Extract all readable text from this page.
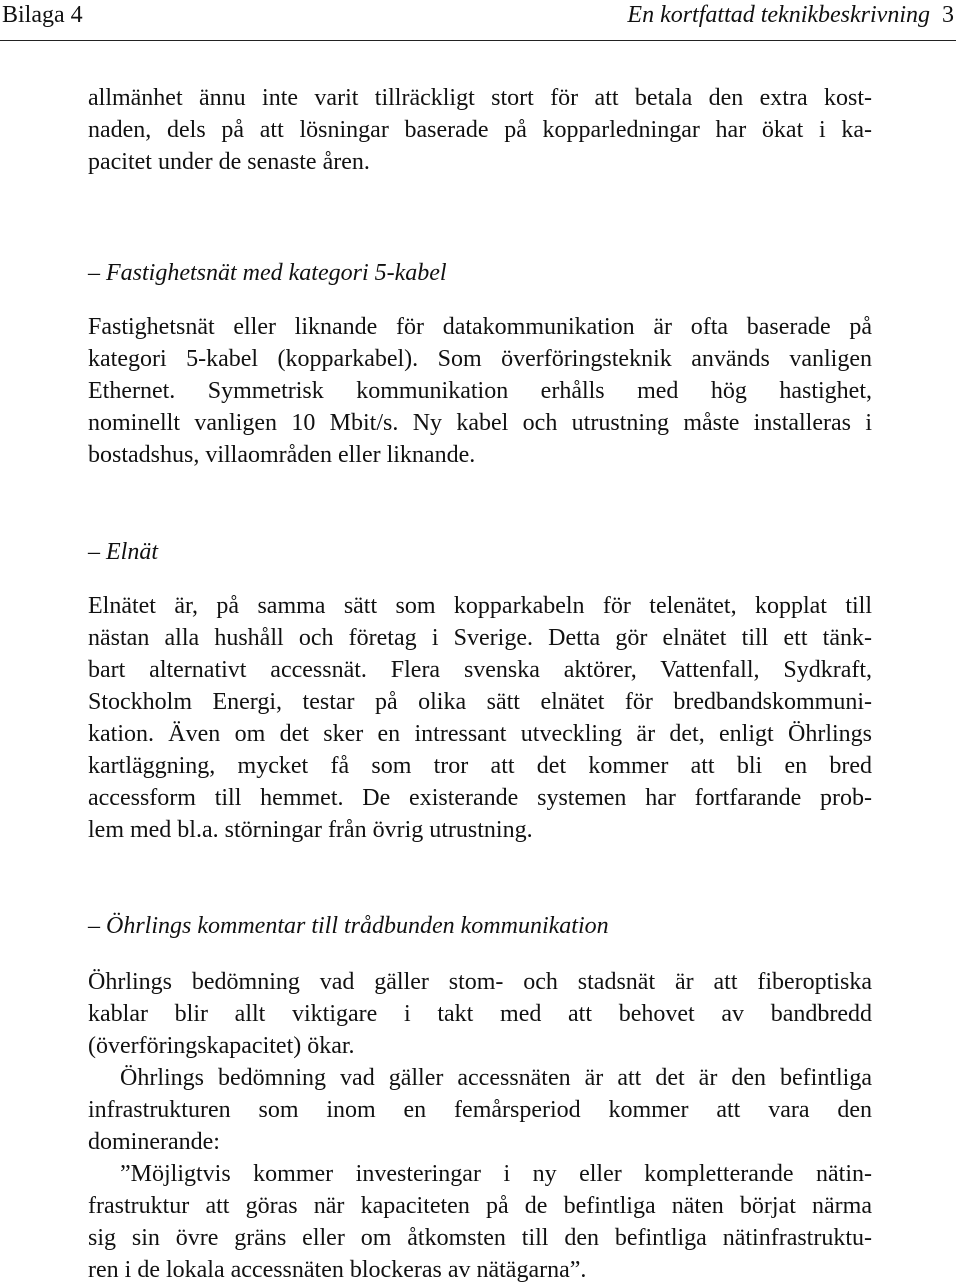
Bilaga 4	En kortfattad teknikbeskrivning 3

allmänhet ännu inte varit tillräckligt stort för att betala den extra kost-
naden, dels på att lösningar baserade på kopparledningar har ökat i ka-
pacitet under de senaste åren.

– Fastighetsnät med kategori 5-kabel

Fastighetsnät eller liknande för datakommunikation är ofta baserade på
kategori 5-kabel (kopparkabel). Som överföringsteknik används vanligen
Ethernet. Symmetrisk kommunikation erhålls med hög hastighet,
nominellt vanligen 10 Mbit/s. Ny kabel och utrustning måste installeras i
bostadshus, villaområden eller liknande.

– Elnät

Elnätet är, på samma sätt som kopparkabeln för telenätet, kopplat till
nästan alla hushåll och företag i Sverige. Detta gör elnätet till ett tänk-
bart alternativt accessnät. Flera svenska aktörer, Vattenfall, Sydkraft,
Stockholm Energi, testar på olika sätt elnätet för bredbandskommuni-
kation. Även om det sker en intressant utveckling är det, enligt Öhrlings
kartläggning, mycket få som tror att det kommer att bli en bred
accessform till hemmet. De existerande systemen har fortfarande prob-
lem med bl.a. störningar från övrig utrustning.

– Öhrlings kommentar till trådbunden kommunikation

Öhrlings bedömning vad gäller stom- och stadsnät är att fiberoptiska
kablar blir allt viktigare i takt med att behovet av bandbredd
(överföringskapacitet) ökar.

Öhrlings bedömning vad gäller accessnäten är att det är den befintliga
infrastrukturen som inom en femårsperiod kommer att vara den
dominerande:

”Möjligtvis kommer investeringar i ny eller kompletterande nätin-
frastruktur att göras när kapaciteten på de befintliga näten börjat närma
sig sin övre gräns eller om åtkomsten till den befintliga nätinfrastruktu-
ren i de lokala accessnäten blockeras av nätägarna”.
